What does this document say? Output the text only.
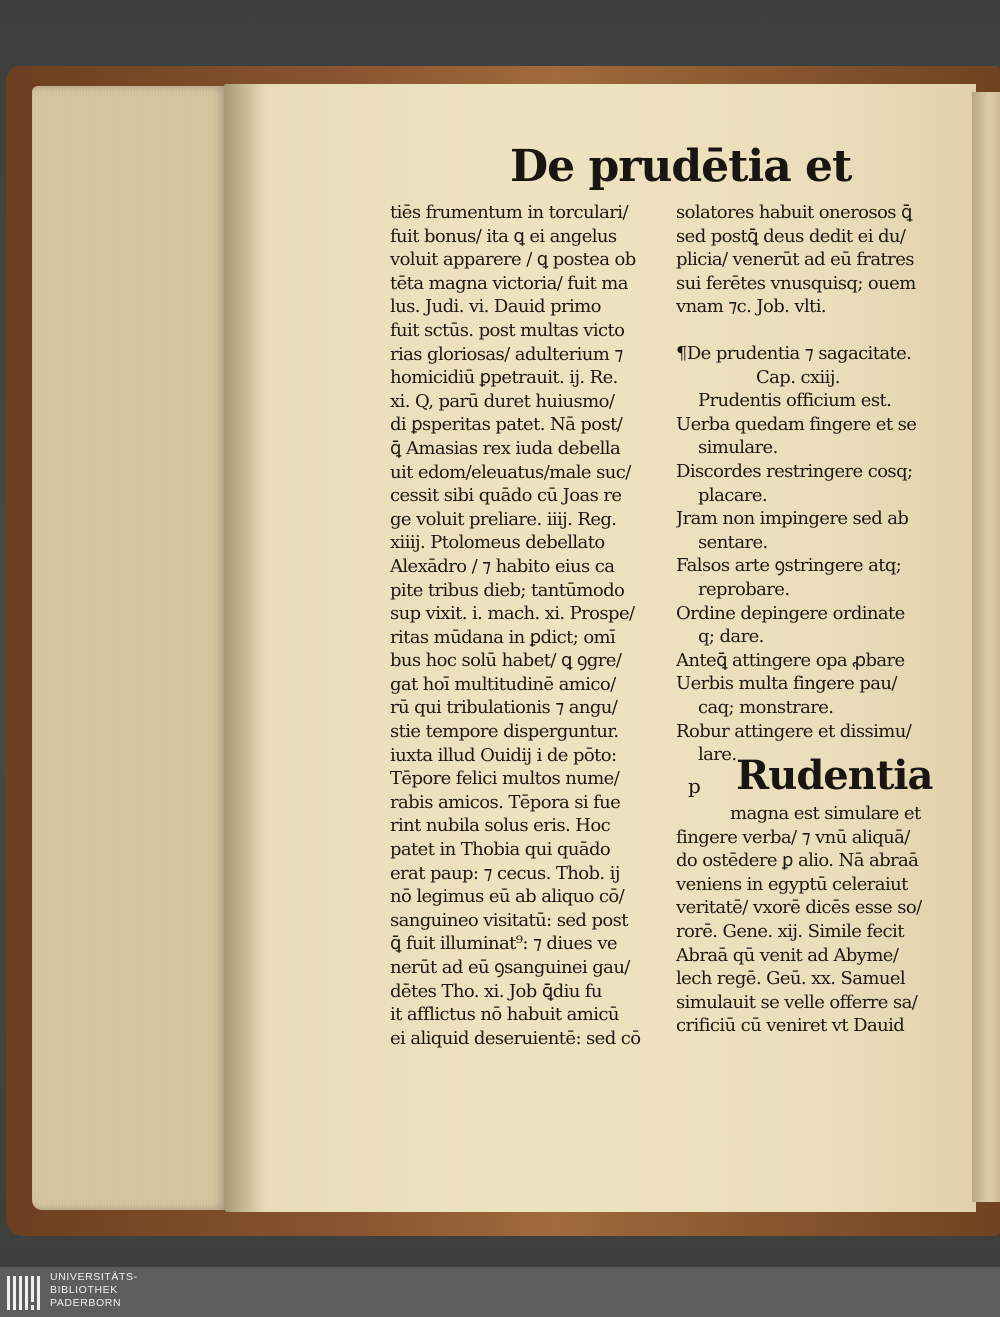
De prudētia et
tiēs frumentum in torculari/
fuit bonus/ ita ꝗ ei angelus
voluit apparere / ꝗ postea ob
tēta magna victoria/ fuit ma
lus. Judi. vi. Dauid primo
fuit sctūs. post multas victo
rias gloriosas/ adulterium ⁊
homicidiū ꝑpetrauit. ij. Re.
xi. Q, parū duret huiusmo/
di ꝑsperitas patet. Nā post/
ꝗ̄ Amasias rex iuda debella
uit edom/eleuatus/male suc/
cessit sibi quādo cū Joas re
ge voluit preliare. iiij. Reg.
xiiij. Ptolomeus debellato
Alexādro / ⁊ habito eius ca
pite tribus dieb; tantūmodo
sup vixit. i. mach. xi. Prospe/
ritas mūdana in ꝑdict; omī
bus hoc solū habet/ ꝗ ꝯgre/
gat hoī multitudinē amico/
rū qui tribulationis ⁊ angu/
stie tempore disperguntur.
iuxta illud Ouidij i de pōto:
Tēpore felici multos nume/
rabis amicos. Tēpora si fue
rint nubila solus eris. Hoc
patet in Thobia qui quādo
erat paup: ⁊ cecus. Thob. ij
nō legimus eū ab aliquo cō/
sanguineo visitatū: sed post
ꝗ̄ fuit illuminat⁹: ⁊ diues ve
nerūt ad eū ꝯsanguinei gau/
dētes Tho. xi. Job ꝗ̄diu fu
it afflictus nō habuit amicū
ei aliquid deseruientē: sed cō
solatores habuit onerosos ꝗ̄
sed postꝗ̄ deus dedit ei du/
plicia/ venerūt ad eū fratres
sui ferētes vnusquisq; ouem
vnam ⁊c. Job. vlti.
¶De prudentia ⁊ sagacitate.
Cap. cxiij.
Prudentis officium est.
Uerba quedam fingere et se
simulare.
Discordes restringere cosq;
placare.
Jram non impingere sed ab
sentare.
Falsos arte ꝯstringere atq;
reprobare.
Ordine depingere ordinate
q; dare.
Anteꝗ̄ attingere opa ꝓbare
Uerbis multa fingere pau/
caq; monstrare.
Robur attingere et dissimu/
lare.
p Rudentia
magna est simulare et
fingere verba/ ⁊ vnū aliquā/
do ostēdere ꝑ alio. Nā abraā
veniens in egyptū celeraiut
veritatē/ vxorē dicēs esse so/
rorē. Gene. xij. Simile fecit
Abraā qū venit ad Abyme/
lech regē. Geū. xx. Samuel
simulauit se velle offerre sa/
crificiū cū veniret vt Dauid
UNIVERSITÄTS-
BIBLIOTHEK
PADERBORN
